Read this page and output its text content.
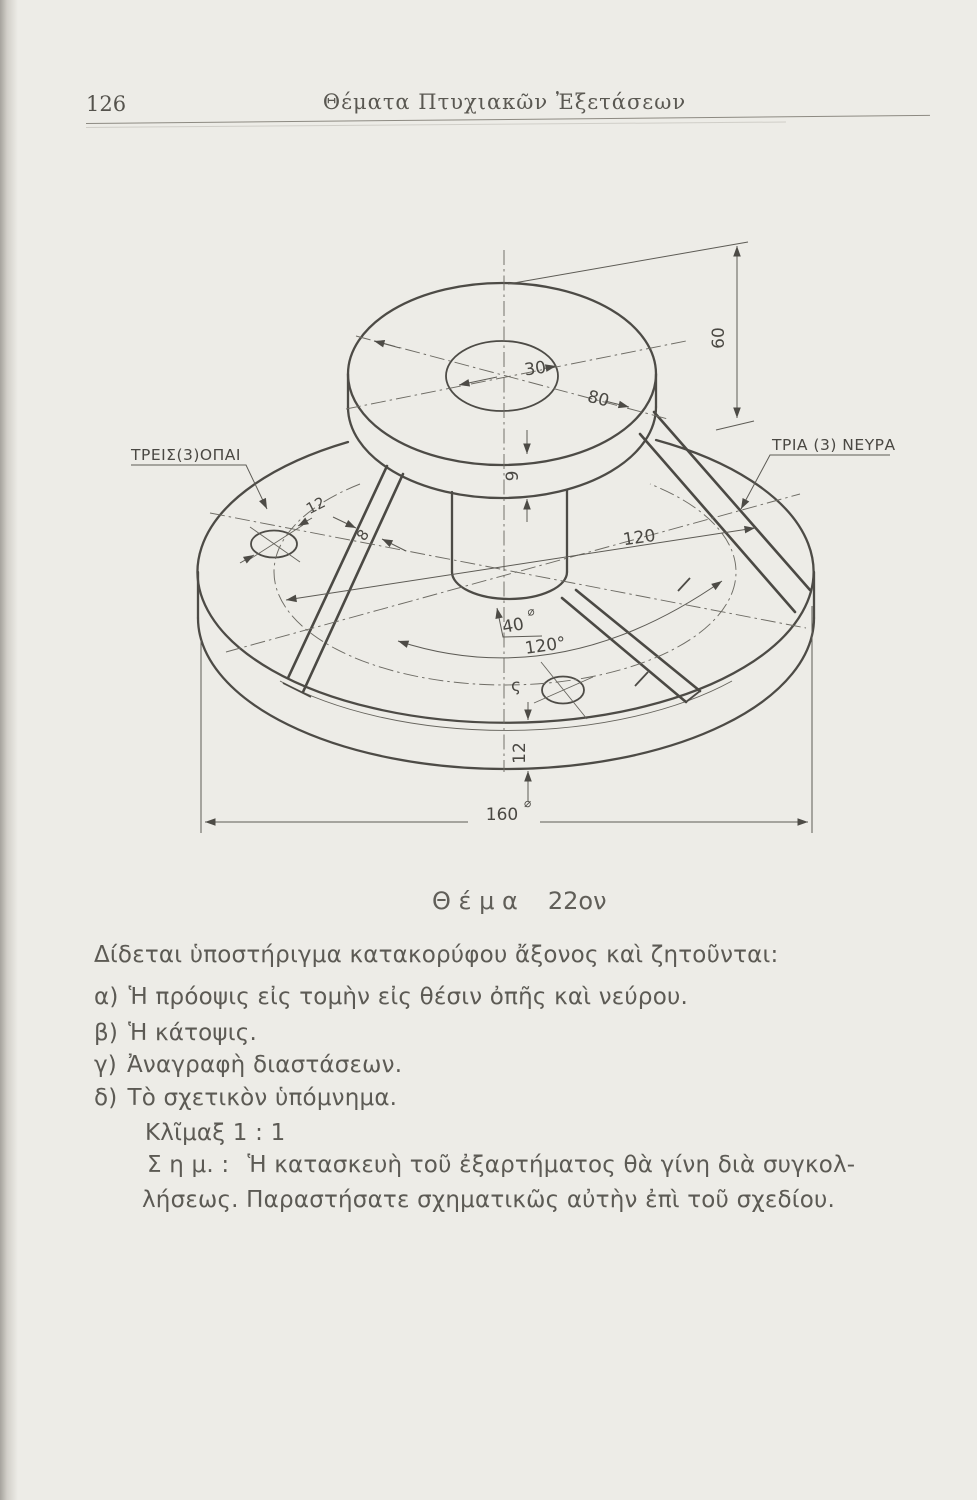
126	Θέματα Πτυχιακῶν Ἐξετάσεων
60
30
80
9
12
8	120
40
⌀
120°
12
160
⌀
ΤΡΕΙΣ(3)ΟΠΑΙ
ΤΡΙΑ (3) ΝΕΥΡΑ
ς
Θ έ μ α 22ον
Δίδεται ὑποστήριγμα κατακορύφου ἄξονος καὶ ζητοῦνται:
α) Ἡ πρόοψις εἰς τομὴν εἰς θέσιν ὀπῆς καὶ νεύρου.
β) Ἡ κάτοψις.
γ) Ἀναγραφὴ διαστάσεων.
δ) Τὸ σχετικὸν ὑπόμνημα.
Κλῖμαξ 1 : 1
Σ η μ. : Ἡ κατασκευὴ τοῦ ἐξαρτήματος θὰ γίνη διὰ συγκολ-
λήσεως. Παραστήσατε σχηματικῶς αὐτὴν ἐπὶ τοῦ σχεδίου.
